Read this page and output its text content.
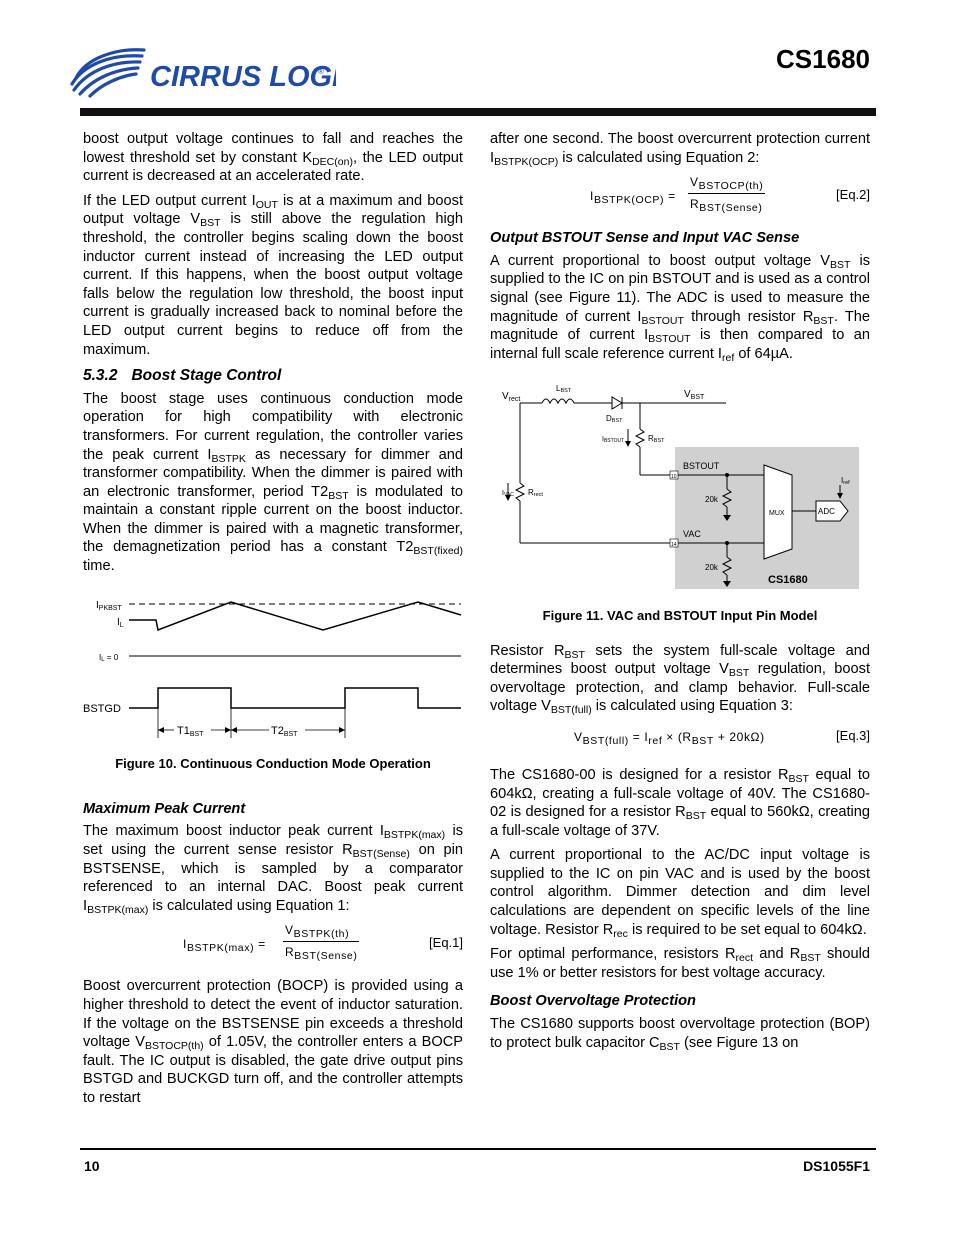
CIRRUS LOG
®	CS1680

boost output voltage continues to fall and reaches the lowest threshold set by constant $K_{DEC(on)}$, the LED output current is decreased at an accelerated rate.

If the LED output current $I_{OUT}$ is at a maximum and boost output voltage $V_{BST}$ is still above the regulation high threshold, the controller begins scaling down the boost inductor current instead of increasing the LED output current. If this happens, when the boost output voltage falls below the regulation low threshold, the boost input current is gradually increased back to nominal before the LED output current begins to reduce off from the maximum.

5.3.2 Boost Stage Control

The boost stage uses continuous conduction mode operation for high compatibility with electronic transformers. For current regulation, the controller varies the peak current $I_{BSTPK}$ as necessary for dimmer and transformer compatibility. When the dimmer is paired with an electronic transformer, period $T2_{BST}$ is modulated to maintain a constant ripple current on the boost inductor. When the dimmer is paired with a magnetic transformer, the demagnetization period has a constant $T2_{BST(fixed)}$ time.

$I_{PKBST}$
$I_L$
IL = 0
BSTGD
T1BST	T2BST
Figure 10. Continuous Conduction Mode Operation
Maximum Peak Current

The maximum boost inductor peak current $I_{BSTPK(max)}$ is set using the current sense resistor $R_{BST(Sense)}$ on pin BSTSENSE, which is sampled by a comparator referenced to an internal DAC. Boost peak current $I_{BSTPK(max)}$ is calculated using Equation 1:

$I_{BSTPK(max)}$ =
$V_{BSTPK(th)}$
$R_{BST(Sense)}$
[Eq.1]

Boost overcurrent protection (BOCP) is provided using a higher threshold to detect the event of inductor saturation. If the voltage on the BSTSENSE pin exceeds a threshold voltage $V_{BSTOCP(th)}$ of 1.05V, the controller enters a BOCP fault. The IC output is disabled, the gate drive output pins BSTGD and BUCKGD turn off, and the controller attempts to restart

after one second. The boost overcurrent protection current $I_{BSTPK(OCP)}$ is calculated using Equation 2:

$I_{BSTPK(OCP)}$ =
$V_{BSTOCP(th)}$
$R_{BST(Sense)}$
[Eq.2]
Output BSTOUT Sense and Input VAC Sense

A current proportional to boost output voltage $V_{BST}$ is supplied to the IC on pin BSTOUT and is used as a control signal (see Figure 11). The ADC is used to measure the magnitude of current $I_{BSTOUT}$ through resistor $R_{BST}$. The magnitude of current $I_{BSTOUT}$ is then compared to an internal full scale reference current $I_{ref}$ of 64µA.

$V_{rect}$
LBST	$V_{BST}$
DBST
IBSTOUT	RBST
IVAC Rrect
BSTOUT
10
VAC
14
20k
20k
MUX	ADC
Iref
CS1680
Figure 11. VAC and BSTOUT Input Pin Model

Resistor $R_{BST}$ sets the system full-scale voltage and determines boost output voltage $V_{BST}$ regulation, boost overvoltage protection, and clamp behavior. Full-scale voltage $V_{BST(full)}$ is calculated using Equation 3:

$V_{BST(full)} = I_{ref} \times (R_{BST} + 20k\Omega)$	[Eq.3]

The CS1680-00 is designed for a resistor $R_{BST}$ equal to 604kΩ, creating a full-scale voltage of 40V. The CS1680-02 is designed for a resistor $R_{BST}$ equal to 560kΩ, creating a full-scale voltage of 37V.

A current proportional to the AC/DC input voltage is supplied to the IC on pin VAC and is used by the boost control algorithm. Dimmer detection and dim level calculations are dependent on specific levels of the line voltage. Resistor $R_{rec}$ is required to be set equal to 604kΩ.

For optimal performance, resistors $R_{rect}$ and $R_{BST}$ should use 1% or better resistors for best voltage accuracy.

Boost Overvoltage Protection

The CS1680 supports boost overvoltage protection (BOP) to protect bulk capacitor $C_{BST}$ (see Figure 13 on

10	DS1055F1
